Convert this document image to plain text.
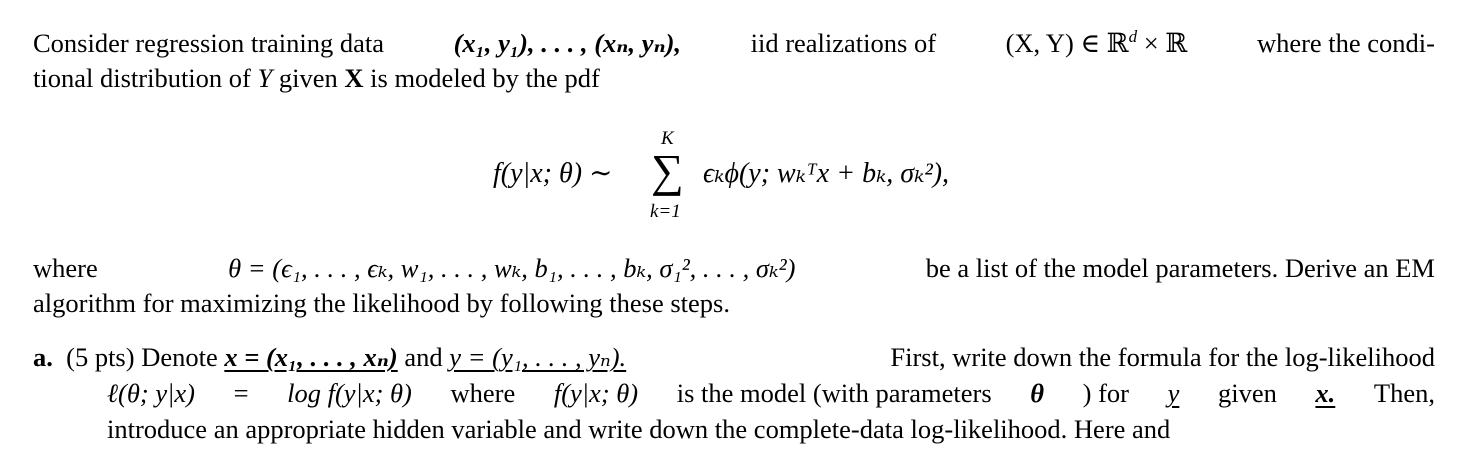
Consider regression training data	(x₁, y₁), . . . , (xₙ, yₙ),	iid realizations of	(X, Y) ∈ ℝ$^d$ × ℝ	where the condi-
tional distribution of Y given X is modeled by the pdf
f(y|x; θ) ∼
K
∑
k=1
ϵₖϕ(y; wₖᵀx + bₖ, σₖ²),
where	θ = (ϵ₁, . . . , ϵₖ, w₁, . . . , wₖ, b₁, . . . , bₖ, σ₁², . . . , σₖ²)	be a list of the model parameters. Derive an EM
algorithm for maximizing the likelihood by following these steps.
a. (5 pts) Denote x = (x₁, . . . , xₙ) and y = (y₁, . . . , yₙ).	First, write down the formula for the log-likelihood
ℓ(θ; y|x) = log f(y|x; θ) where f(y|x; θ) is the model (with parameters θ ) for y given x. Then,
introduce an appropriate hidden variable and write down the complete-data log-likelihood. Here and
